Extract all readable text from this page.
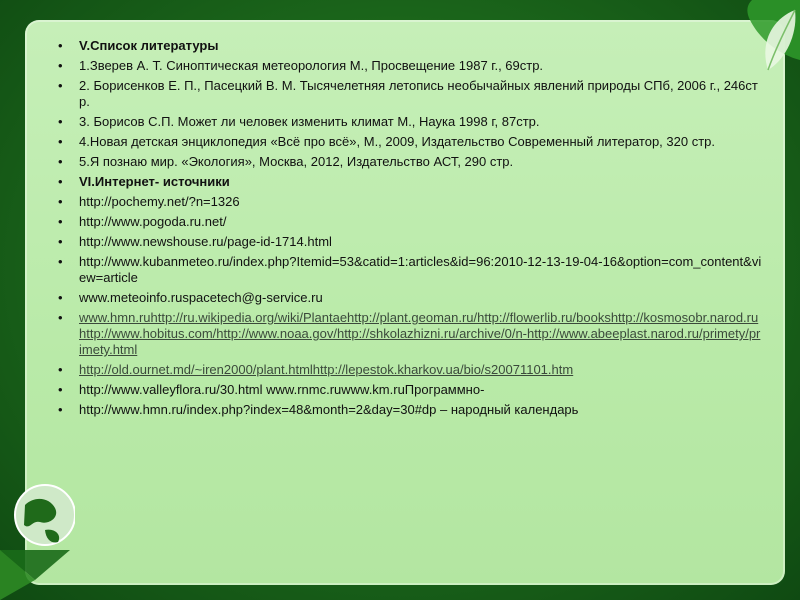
• V.Список литературы
• 1.Зверев А. Т. Синоптическая метеорология М., Просвещение 1987 г., 69стр.
• 2. Борисенков Е. П., Пасецкий В. М. Тысячелетняя летопись необычайных явлений природы СПб, 2006 г., 246стр.
• 3. Борисов С.П. Может ли человек изменить климат М., Наука 1998 г, 87стр.
• 4.Новая детская энциклопедия «Всё про всё», М., 2009, Издательство Современный литератор, 320 стр.
• 5.Я познаю мир. «Экология», Москва, 2012, Издательство АСТ, 290 стр.
• VI.Интернет- источники
• http://pochemy.net/?n=1326
• http://www.pogoda.ru.net/
• http://www.newshouse.ru/page-id-1714.html
• http://www.kubanmeteo.ru/index.php?Itemid=53&catid=1:articles&id=96:2010-12-13-19-04-16&option=com_content&view=article
• www.meteoinfo.ruspacetech@g-service.ru
• www.hmn.ruhttp://ru.wikipedia.org/wiki/Plantaehttp://plant.geoman.ru/http://flowerlib.ru/bookshttp://kosmosobr.narod.ruhttp://www.hobitus.com/http://www.noaa.gov/http://shkolazhizni.ru/archive/0/n-http://www.abeeplast.narod.ru/primety/primety.html
• http://old.ournet.md/~iren2000/plant.htmlhttp://lepestok.kharkov.ua/bio/s20071101.htm
• http://www.valleyflora.ru/30.html www.rnmc.ruwww.km.ruПрограммно-
• http://www.hmn.ru/index.php?index=48&month=2&day=30#dp – народный календарь
